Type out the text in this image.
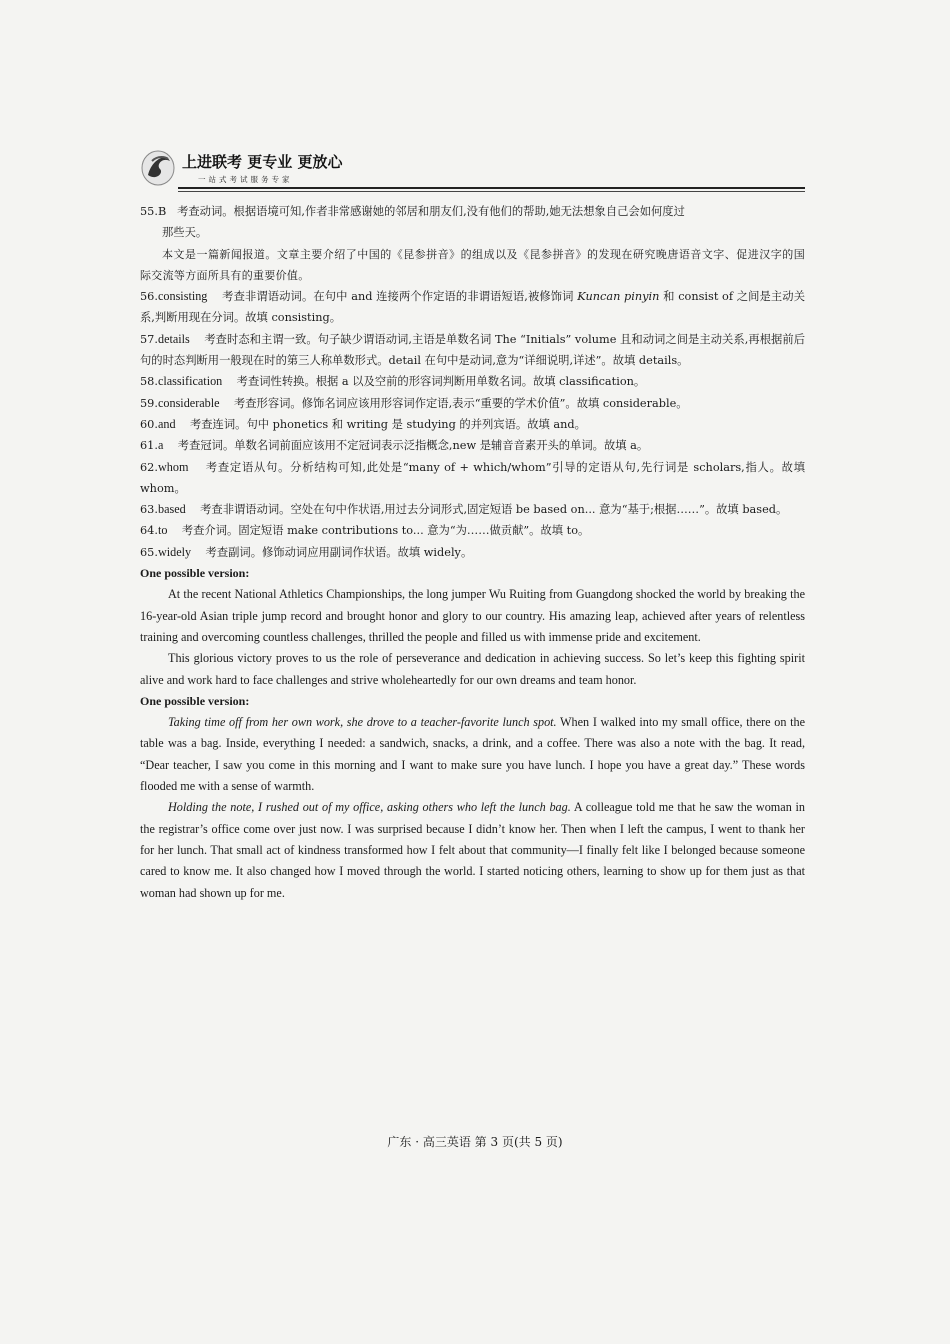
上进联考 更专业 更放心
一站式考试服务专家
55.B 考查动词。根据语境可知,作者非常感谢她的邻居和朋友们,没有他们的帮助,她无法想象自己会如何度过

那些天。
本文是一篇新闻报道。文章主要介绍了中国的《昆参拼音》的组成以及《昆参拼音》的发现在研究晚唐语音文字、促进汉字的国际交流等方面所具有的重要价值。
56.consisting 考查非谓语动词。在句中 and 连接两个作定语的非谓语短语,被修饰词 Kuncan pinyin 和 consist of 之间是主动关系,判断用现在分词。故填 consisting。
57.details 考查时态和主谓一致。句子缺少谓语动词,主语是单数名词 The “Initials” volume 且和动词之间是主动关系,再根据前后句的时态判断用一般现在时的第三人称单数形式。detail 在句中是动词,意为“详细说明,详述”。故填 details。
58.classification 考查词性转换。根据 a 以及空前的形容词判断用单数名词。故填 classification。
59.considerable 考查形容词。修饰名词应该用形容词作定语,表示“重要的学术价值”。故填 considerable。
60.and 考查连词。句中 phonetics 和 writing 是 studying 的并列宾语。故填 and。
61.a 考查冠词。单数名词前面应该用不定冠词表示泛指概念,new 是辅音音素开头的单词。故填 a。
62.whom 考查定语从句。分析结构可知,此处是“many of + which/whom”引导的定语从句,先行词是 scholars,指人。故填 whom。
63.based 考查非谓语动词。空处在句中作状语,用过去分词形式,固定短语 be based on... 意为“基于;根据……”。故填 based。
64.to 考查介词。固定短语 make contributions to... 意为“为……做贡献”。故填 to。
65.widely 考查副词。修饰动词应用副词作状语。故填 widely。
One possible version:
At the recent National Athletics Championships, the long jumper Wu Ruiting from Guangdong shocked the world by breaking the 16-year-old Asian triple jump record and brought honor and glory to our country. His amazing leap, achieved after years of relentless training and overcoming countless challenges, thrilled the people and filled us with immense pride and excitement.
This glorious victory proves to us the role of perseverance and dedication in achieving success. So let’s keep this fighting spirit alive and work hard to face challenges and strive wholeheartedly for our own dreams and team honor.
One possible version:
Taking time off from her own work, she drove to a teacher-favorite lunch spot. When I walked into my small office, there on the table was a bag. Inside, everything I needed: a sandwich, snacks, a drink, and a coffee. There was also a note with the bag. It read, “Dear teacher, I saw you come in this morning and I want to make sure you have lunch. I hope you have a great day.” These words flooded me with a sense of warmth.
Holding the note, I rushed out of my office, asking others who left the lunch bag. A colleague told me that he saw the woman in the registrar’s office come over just now. I was surprised because I didn’t know her. Then when I left the campus, I went to thank her for her lunch. That small act of kindness transformed how I felt about that community—I finally felt like I belonged because someone cared to know me. It also changed how I moved through the world. I started noticing others, learning to show up for them just as that woman had shown up for me.
广东 · 高三英语 第 3 页(共 5 页)
